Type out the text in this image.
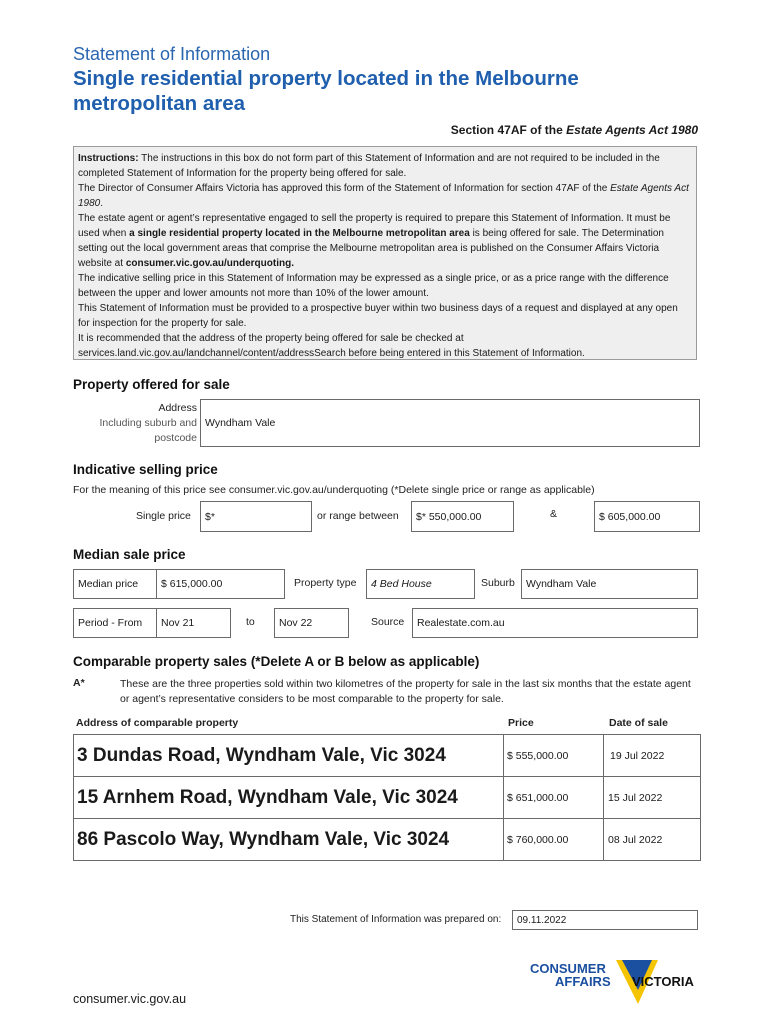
Statement of Information
Single residential property located in the Melbourne metropolitan area
Section 47AF of the Estate Agents Act 1980

Instructions: The instructions in this box do not form part of this Statement of Information and are not required to be included in the completed Statement of Information for the property being offered for sale.

The Director of Consumer Affairs Victoria has approved this form of the Statement of Information for section 47AF of the Estate Agents Act 1980.

The estate agent or agent’s representative engaged to sell the property is required to prepare this Statement of Information. It must be used when a single residential property located in the Melbourne metropolitan area is being offered for sale. The Determination setting out the local government areas that comprise the Melbourne metropolitan area is published on the Consumer Affairs Victoria website at consumer.vic.gov.au/underquoting.

The indicative selling price in this Statement of Information may be expressed as a single price, or as a price range with the difference between the upper and lower amounts not more than 10% of the lower amount.

This Statement of Information must be provided to a prospective buyer within two business days of a request and displayed at any open for inspection for the property for sale.

It is recommended that the address of the property being offered for sale be checked at services.land.vic.gov.au/landchannel/content/addressSearch before being entered in this Statement of Information.

Property offered for sale
Address
Including suburb and
postcode
Wyndham Vale
Indicative selling price
For the meaning of this price see consumer.vic.gov.au/underquoting (*Delete single price or range as applicable)
Single price	$*	or range between	$* 550,000.00	&	$ 605,000.00
Median sale price
Median price	$ 615,000.00	Property type	4 Bed House	Suburb	Wyndham Vale
Period - From	Nov 21	to	Nov 22	Source	Realestate.com.au
Comparable property sales (*Delete A or B below as applicable)
A*	These are the three properties sold within two kilometres of the property for sale in the last six months that the estate agent or agent’s representative considers to be most comparable to the property for sale.
Address of comparable property	Price	Date of sale
3 Dundas Road, Wyndham Vale, Vic 3024	$ 555,000.00	19 Jul 2022
15 Arnhem Road, Wyndham Vale, Vic 3024	$ 651,000.00	15 Jul 2022
86 Pascolo Way, Wyndham Vale, Vic 3024	$ 760,000.00	08 Jul 2022
This Statement of Information was prepared on:	09.11.2022
CONSUMER
AFFAIRS VICTORIA
consumer.vic.gov.au
